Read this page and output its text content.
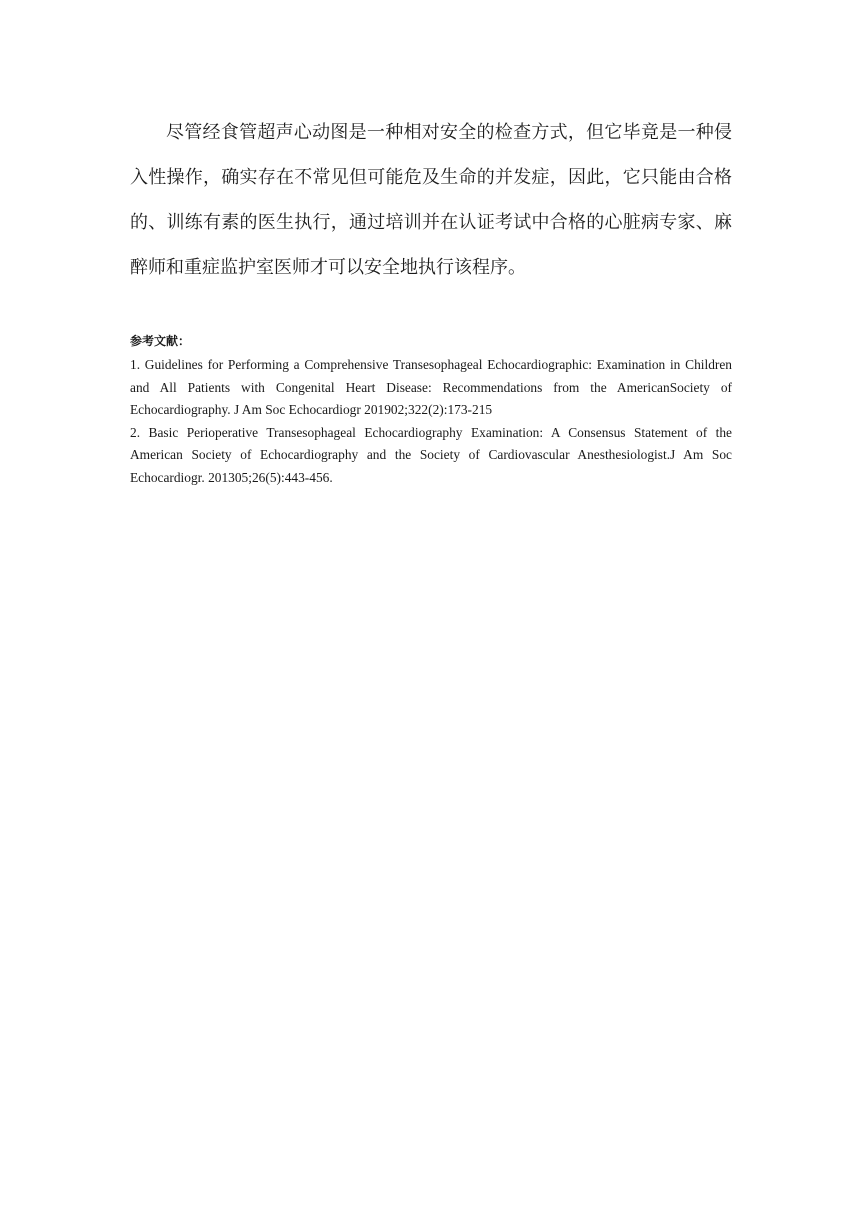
尽管经食管超声心动图是一种相对安全的检查方式，但它毕竟是一种侵入性操作，确实存在不常见但可能危及生命的并发症，因此，它只能由合格的、训练有素的医生执行，通过培训并在认证考试中合格的心脏病专家、麻醉师和重症监护室医师才可以安全地执行该程序。

参考文献：

1. Guidelines for Performing a Comprehensive Transesophageal Echocardiographic: Examination in Children and All Patients with Congenital Heart Disease: Recommendations from the AmericanSociety of Echocardiography. J Am Soc Echocardiogr 201902;322(2):173-215

2. Basic Perioperative Transesophageal Echocardiography Examination: A Consensus Statement of the American Society of Echocardiography and the Society of Cardiovascular Anesthesiologist.J Am Soc Echocardiogr. 201305;26(5):443-456.
